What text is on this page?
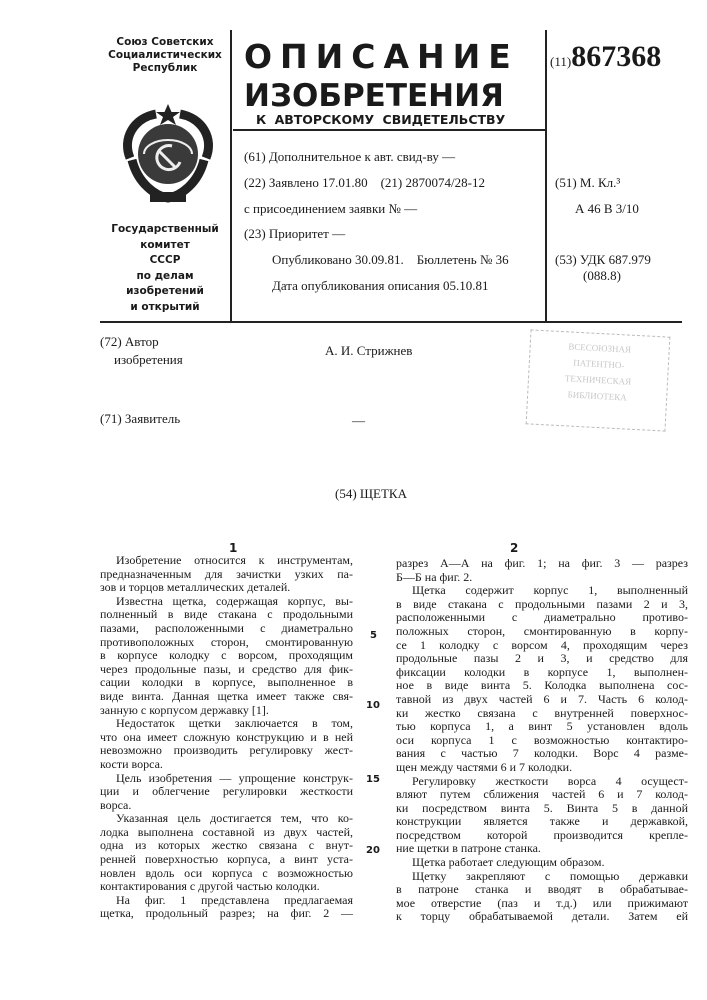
Союз Советских
Социалистических
Республик
Государственный комитет
СССР
по делам изобретений
и открытий
ОПИСАНИЕ
ИЗОБРЕТЕНИЯ
К АВТОРСКОМУ СВИДЕТЕЛЬСТВУ
(11)867368
(61) Дополнительное к авт. свид-ву —
(22) Заявлено 17.01.80    (21) 2870074/28-12
с присоединением заявки № —
(23) Приоритет —
Опубликовано 30.09.81.    Бюллетень № 36
Дата опубликования описания 05.10.81
(51) М. Кл.³
А 46 В 3/10
(53) УДК 687.979
(088.8)
(72) Автор
изобретения
А. И. Стрижнев
(71) Заявитель	—
ВСЕСОЮЗНАЯ
ПАТЕНТНО-
ТЕХНИЧЕСКАЯ
БИБЛИОТЕКА
(54) ЩЕТКА
1	2
Изобретение относится к инструментам,
предназначенным для зачистки узких па-
зов и торцов металлических деталей.
Известна щетка, содержащая корпус, вы-
полненный в виде стакана с продольными
пазами, расположенными с диаметрально
противоположных сторон, смонтированную
в корпусе колодку с ворсом, проходящим
через продольные пазы, и средство для фик-
сации колодки в корпусе, выполненное в
виде винта. Данная щетка имеет также свя-
занную с корпусом державку [1].
Недостаток щетки заключается в том,
что она имеет сложную конструкцию и в ней
невозможно производить регулировку жест-
кости ворса.
Цель изобретения — упрощение конструк-
ции и облегчение регулировки жесткости
ворса.
Указанная цель достигается тем, что ко-
лодка выполнена составной из двух частей,
одна из которых жестко связана с внут-
ренней поверхностью корпуса, а винт уста-
новлен вдоль оси корпуса с возможностью
контактирования с другой частью колодки.
На фиг. 1 представлена предлагаемая
щетка, продольный разрез; на фиг. 2 —
разрез А—А на фиг. 1; на фиг. 3 — разрез
Б—Б на фиг. 2.
Щетка содержит корпус 1, выполненный
в виде стакана с продольными пазами 2 и 3,
расположенными с диаметрально противо-
положных сторон, смонтированную в корпу-
се 1 колодку с ворсом 4, проходящим через
продольные пазы 2 и 3, и средство для
фиксации колодки в корпусе 1, выполнен-
ное в виде винта 5. Колодка выполнена сос-
тавной из двух частей 6 и 7. Часть 6 колод-
ки жестко связана с внутренней поверхнос-
тью корпуса 1, а винт 5 установлен вдоль
оси корпуса 1 с возможностью контактиро-
вания с частью 7 колодки. Ворс 4 разме-
щен между частями 6 и 7 колодки.
Регулировку жесткости ворса 4 осущест-
вляют путем сближения частей 6 и 7 колод-
ки посредством винта 5. Винта 5 в данной
конструкции является также и державкой,
посредством которой производится крепле-
ние щетки в патроне станка.
Щетка работает следующим образом.
Щетку закрепляют с помощью державки
в патроне станка и вводят в обрабатывае-
мое отверстие (паз и т.д.) или прижимают
к торцу обрабатываемой детали. Затем ей
5
10
15
20
